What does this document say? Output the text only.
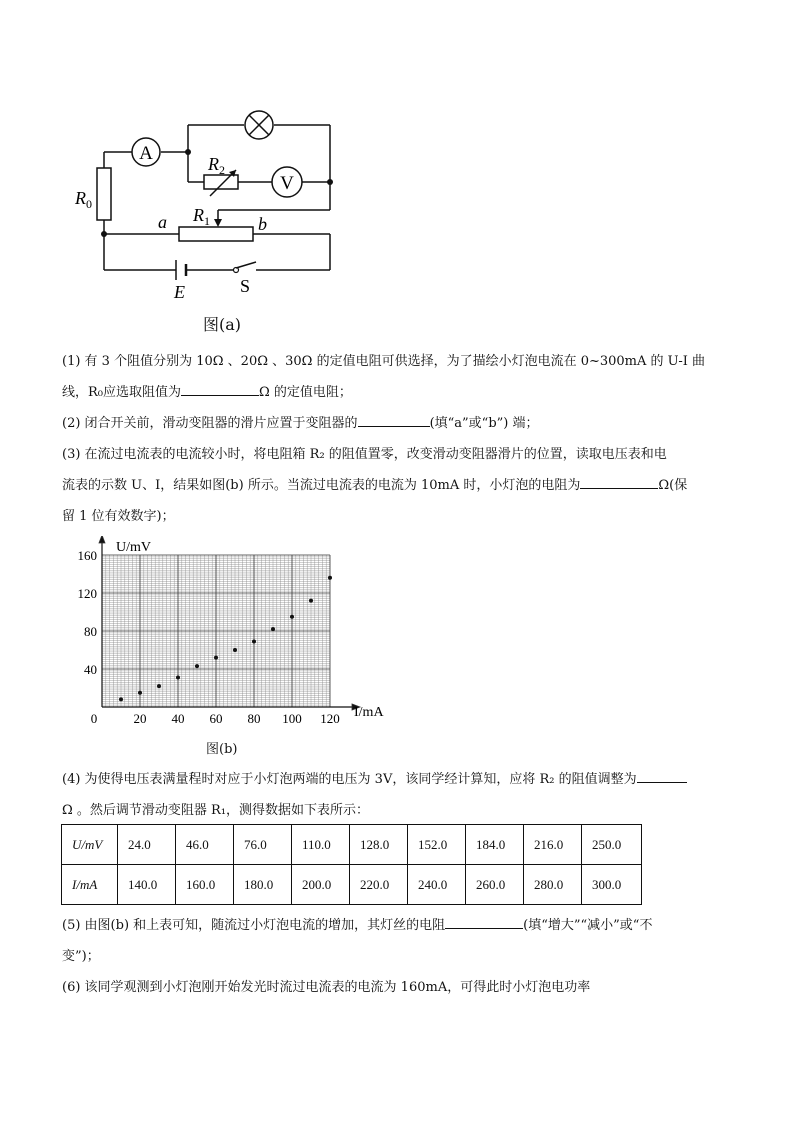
A
V
$R_0$
$R_2$
$R_1$
a	b
E	S
图(a)
(1) 有 3 个阻值分别为 10Ω 、20Ω 、30Ω 的定值电阻可供选择，为了描绘小灯泡电流在 0~300mA 的 U-I 曲
线，R₀应选取阻值为	Ω 的定值电阻；
(2) 闭合开关前，滑动变阻器的滑片应置于变阻器的	(填“a”或“b”) 端；
(3) 在流过电流表的电流较小时，将电阻箱 R₂ 的阻值置零，改变滑动变阻器滑片的位置，读取电压表和电
流表的示数 U、I，结果如图(b) 所示。当流过电流表的电流为 10mA 时，小灯泡的电阻为	Ω(保
留 1 位有效数字)；
0	20 40 60 80 100 120
40
80
120
160
U/mV
I/mA
图(b)
(4) 为使得电压表满量程时对应于小灯泡两端的电压为 3V，该同学经计算知，应将 R₂ 的阻值调整为
Ω 。然后调节滑动变阻器 R₁，测得数据如下表所示：
U/mV	24.0	46.0	76.0	110.0	128.0	152.0	184.0	216.0	250.0
I/mA	140.0	160.0	180.0	200.0	220.0	240.0	260.0	280.0	300.0
(5) 由图(b) 和上表可知，随流过小灯泡电流的增加，其灯丝的电阻	(填“增大”“减小”或“不
变”)；
(6) 该同学观测到小灯泡刚开始发光时流过电流表的电流为 160mA，可得此时小灯泡电功率
